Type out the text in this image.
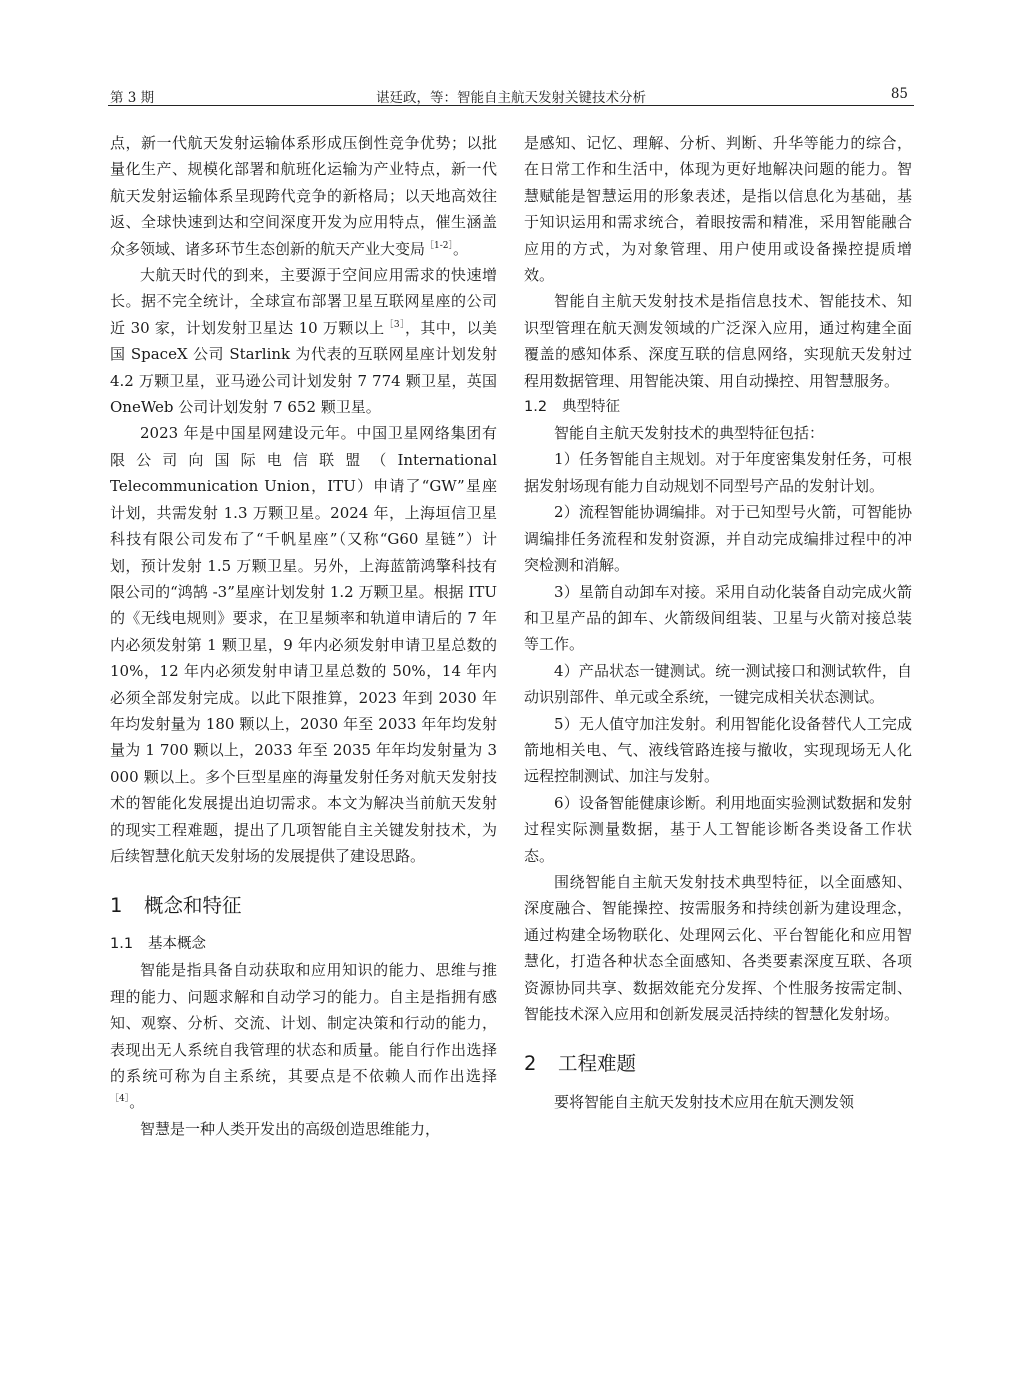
第 3 期	谌廷政，等：智能自主航天发射关键技术分析	85

点，新一代航天发射运输体系形成压倒性竞争优势；以批量化生产、规模化部署和航班化运输为产业特点，新一代航天发射运输体系呈现跨代竞争的新格局；以天地高效往返、全球快速到达和空间深度开发为应用特点，催生涵盖众多领域、诸多环节生态创新的航天产业大变局$^{[1-2]}$。

大航天时代的到来，主要源于空间应用需求的快速增长。据不完全统计，全球宣布部署卫星互联网星座的公司近 30 家，计划发射卫星达 10 万颗以上$^{[3]}$，其中，以美国 SpaceX 公司 Starlink 为代表的互联网星座计划发射 4.2 万颗卫星，亚马逊公司计划发射 7 774 颗卫星，英国 OneWeb 公司计划发射 7 652 颗卫星。

2023 年是中国星网建设元年。中国卫星网络集团有限公司向国际电信联盟（International Telecommunication Union，ITU）申请了“GW”星座计划，共需发射 1.3 万颗卫星。2024 年，上海垣信卫星科技有限公司发布了“千帆星座”（又称“G60 星链”）计划，预计发射 1.5 万颗卫星。另外，上海蓝箭鸿擎科技有限公司的“鸿鹄 -3”星座计划发射 1.2 万颗卫星。根据 ITU 的《无线电规则》要求，在卫星频率和轨道申请后的 7 年内必须发射第 1 颗卫星，9 年内必须发射申请卫星总数的 10%，12 年内必须发射申请卫星总数的 50%，14 年内必须全部发射完成。以此下限推算，2023 年到 2030 年年均发射量为 180 颗以上，2030 年至 2033 年年均发射量为 1 700 颗以上，2033 年至 2035 年年均发射量为 3 000 颗以上。多个巨型星座的海量发射任务对航天发射技术的智能化发展提出迫切需求。本文为解决当前航天发射的现实工程难题，提出了几项智能自主关键发射技术，为后续智慧化航天发射场的发展提供了建设思路。

1 概念和特征
1.1 基本概念

智能是指具备自动获取和应用知识的能力、思维与推理的能力、问题求解和自动学习的能力。自主是指拥有感知、观察、分析、交流、计划、制定决策和行动的能力，表现出无人系统自我管理的状态和质量。能自行作出选择的系统可称为自主系统，其要点是不依赖人而作出选择$^{[4]}$。

智慧是一种人类开发出的高级创造思维能力，

是感知、记忆、理解、分析、判断、升华等能力的综合，在日常工作和生活中，体现为更好地解决问题的能力。智慧赋能是智慧运用的形象表述，是指以信息化为基础，基于知识运用和需求统合，着眼按需和精准，采用智能融合应用的方式，为对象管理、用户使用或设备操控提质增效。

智能自主航天发射技术是指信息技术、智能技术、知识型管理在航天测发领域的广泛深入应用，通过构建全面覆盖的感知体系、深度互联的信息网络，实现航天发射过程用数据管理、用智能决策、用自动操控、用智慧服务。

1.2 典型特征

智能自主航天发射技术的典型特征包括：

1）任务智能自主规划。对于年度密集发射任务，可根据发射场现有能力自动规划不同型号产品的发射计划。

2）流程智能协调编排。对于已知型号火箭，可智能协调编排任务流程和发射资源，并自动完成编排过程中的冲突检测和消解。

3）星箭自动卸车对接。采用自动化装备自动完成火箭和卫星产品的卸车、火箭级间组装、卫星与火箭对接总装等工作。

4）产品状态一键测试。统一测试接口和测试软件，自动识别部件、单元或全系统，一键完成相关状态测试。

5）无人值守加注发射。利用智能化设备替代人工完成箭地相关电、气、液线管路连接与撤收，实现现场无人化远程控制测试、加注与发射。

6）设备智能健康诊断。利用地面实验测试数据和发射过程实际测量数据，基于人工智能诊断各类设备工作状态。

围绕智能自主航天发射技术典型特征，以全面感知、深度融合、智能操控、按需服务和持续创新为建设理念，通过构建全场物联化、处理网云化、平台智能化和应用智慧化，打造各种状态全面感知、各类要素深度互联、各项资源协同共享、数据效能充分发挥、个性服务按需定制、智能技术深入应用和创新发展灵活持续的智慧化发射场。

2 工程难题

要将智能自主航天发射技术应用在航天测发领
